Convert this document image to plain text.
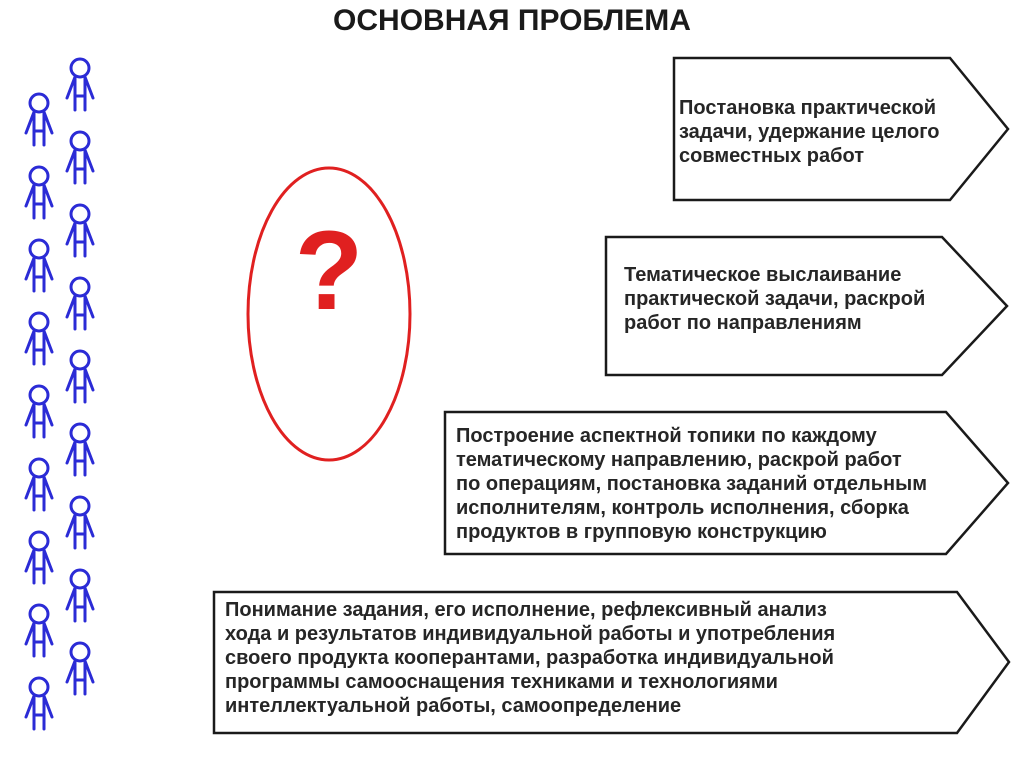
ОСНОВНАЯ ПРОБЛЕМА
?

Постановка практической
задачи, удержание целого
совместных работ

Тематическое выслаивание
практической задачи, раскрой
работ по направлениям

Построение аспектной топики по каждому
тематическому направлению, раскрой работ
по операциям, постановка заданий отдельным
исполнителям, контроль исполнения, сборка
продуктов в групповую конструкцию

Понимание задания, его исполнение, рефлексивный анализ
хода и результатов индивидуальной работы и употребления
своего продукта кооперантами, разработка индивидуальной
программы самооснащения техниками и технологиями
интеллектуальной работы, самоопределение
